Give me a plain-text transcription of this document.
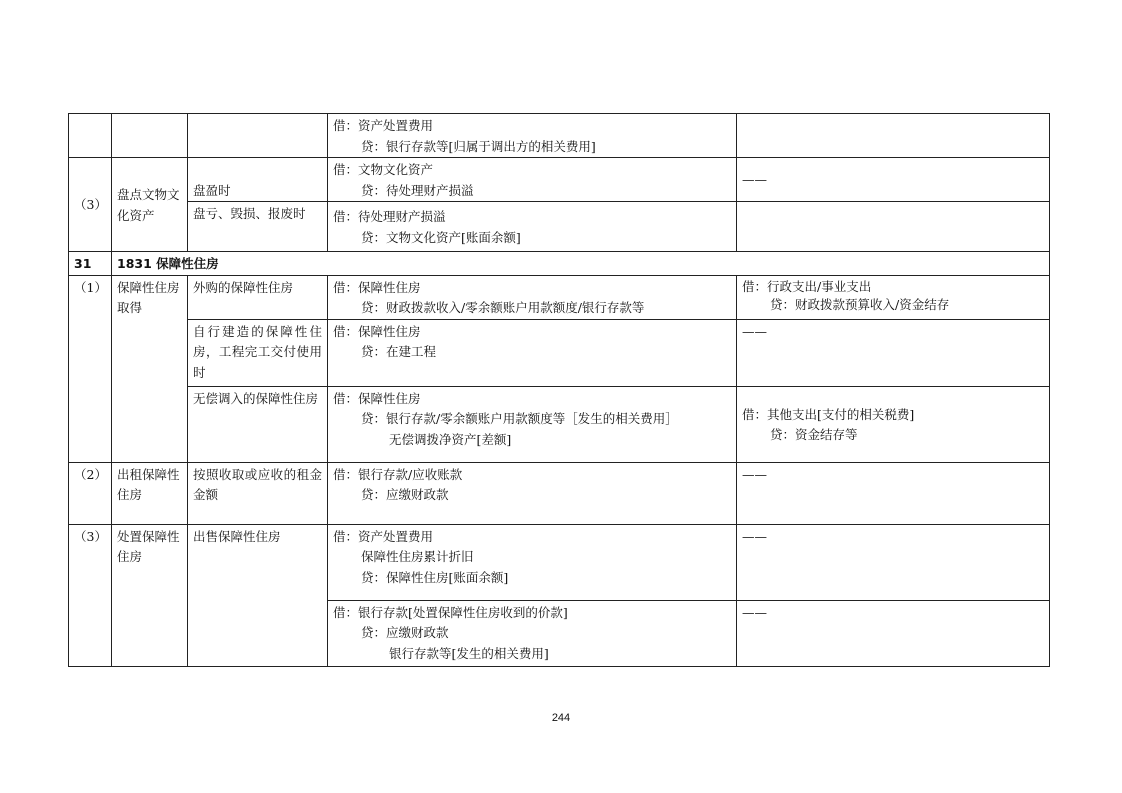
			借：资产处置费用
贷：银行存款等[归属于调出方的相关费用]	

（3）	盘点文物文化资产	盘盈时	借：文物文化资产
贷：待处理财产损溢	——
		盘亏、毁损、报废时	借：待处理财产损溢
贷：文物文化资产[账面余额]	

31	1831 保障性住房			
（1）	保障性住房取得	外购的保障性住房	借：保障性住房
贷：财政拨款收入/零余额账户用款额度/银行存款等	借：行政支出/事业支出
贷：财政拨款预算收入/资金结存

		自行建造的保障性住房，工程完工交付使用时	借：保障性住房
贷：在建工程	——
		无偿调入的保障性住房	借：保障性住房
贷：银行存款/零余额账户用款额度等［发生的相关费用］
无偿调拨净资产[差额]	借：其他支出[支付的相关税费]
贷：资金结存等

（2）	出租保障性住房	按照收取或应收的租金金额	借：银行存款/应收账款
贷：应缴财政款	——
（3）	处置保障性住房	出售保障性住房	借：资产处置费用
保障性住房累计折旧
贷：保障性住房[账面余额]	——

			借：银行存款[处置保障性住房收到的价款]
贷：应缴财政款
银行存款等[发生的相关费用]	——
244
